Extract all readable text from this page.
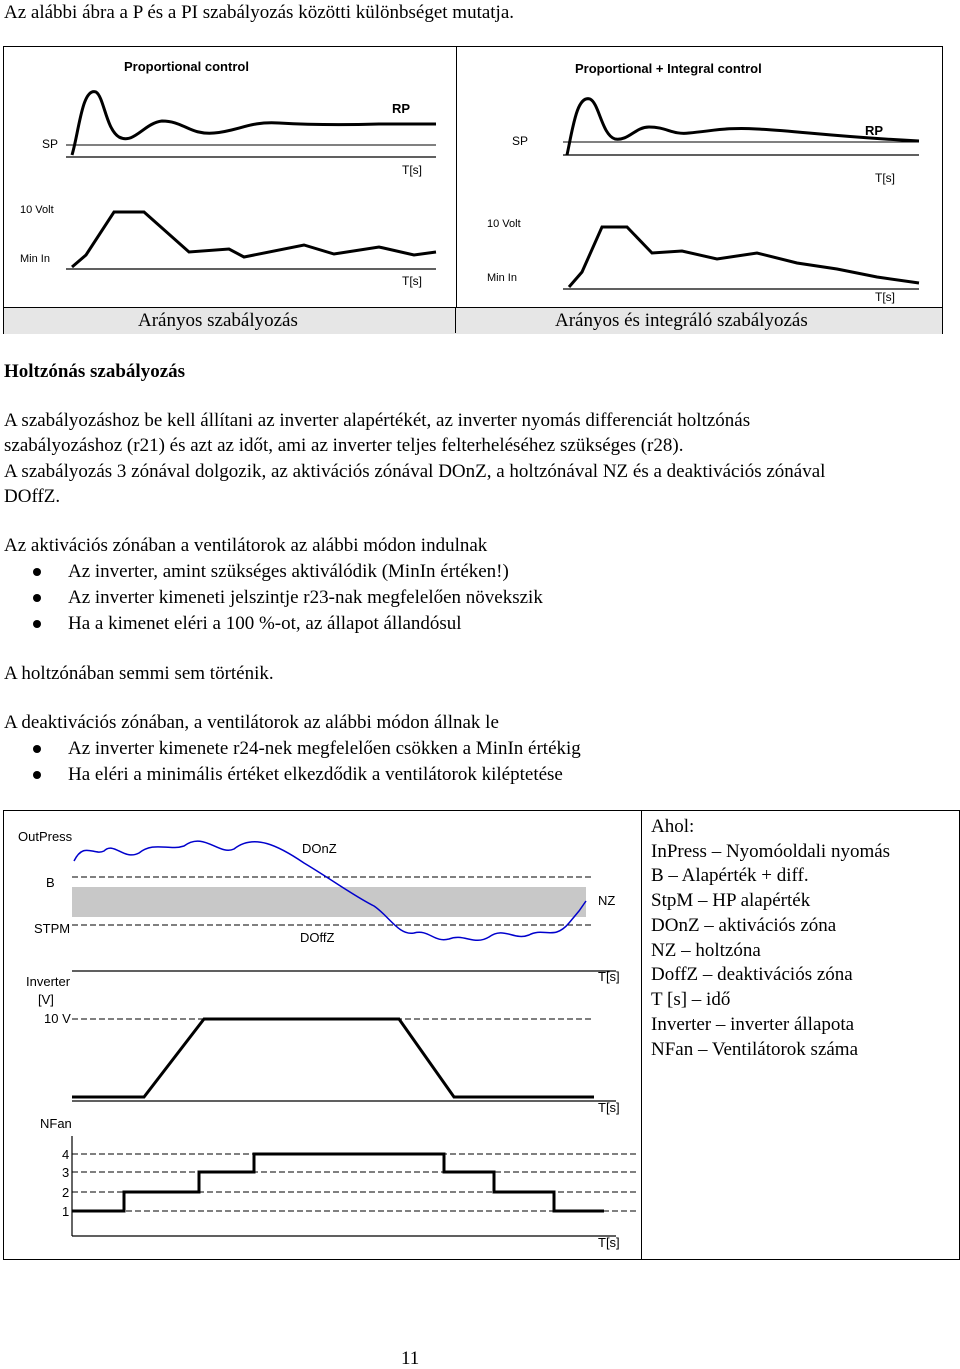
Az alábbi ábra a P és a PI szabályozás közötti különbséget mutatja.
Proportional control
SP
RP
T[s]
10 Volt
Min In
T[s]
Proportional + Integral control
SP
RP
T[s]
10 Volt
Min In
T[s]
Arányos szabályozás	Arányos és integráló szabályozás
Holtzónás szabályozás
A szabályozáshoz be kell állítani az inverter alapértékét, az inverter nyomás differenciát holtzónás
szabályozáshoz (r21) és azt az időt, ami az inverter teljes felterheléséhez szükséges (r28).
A szabályozás 3 zónával dolgozik, az aktivációs zónával DOnZ, a holtzónával NZ és a deaktivációs zónával
DOffZ.
Az aktivációs zónában a ventilátorok az alábbi módon indulnak
Az inverter, amint szükséges aktiválódik (MinIn értéken!)
Az inverter kimeneti jelszintje r23-nak megfelelően növekszik
Ha a kimenet eléri a 100 %-ot, az állapot állandósul
A holtzónában semmi sem történik.
A deaktivációs zónában, a ventilátorok az alábbi módon állnak le
Az inverter kimenete r24-nek megfelelően csökken a MinIn értékig
Ha eléri a minimális értéket elkezdődik a ventilátorok kiléptetése
OutPress
B
STPM
DOnZ
DOffZ
NZ
T[s]
Inverter
[V]
10 V
T[s]
NFan
4
3
2
1
T[s]
Ahol:
InPress – Nyomóoldali nyomás
B – Alapérték + diff.
StpM – HP alapérték
DOnZ – aktivációs zóna
NZ – holtzóna
DoffZ – deaktivációs zóna
T [s] – idő
Inverter – inverter állapota
NFan – Ventilátorok száma
11
